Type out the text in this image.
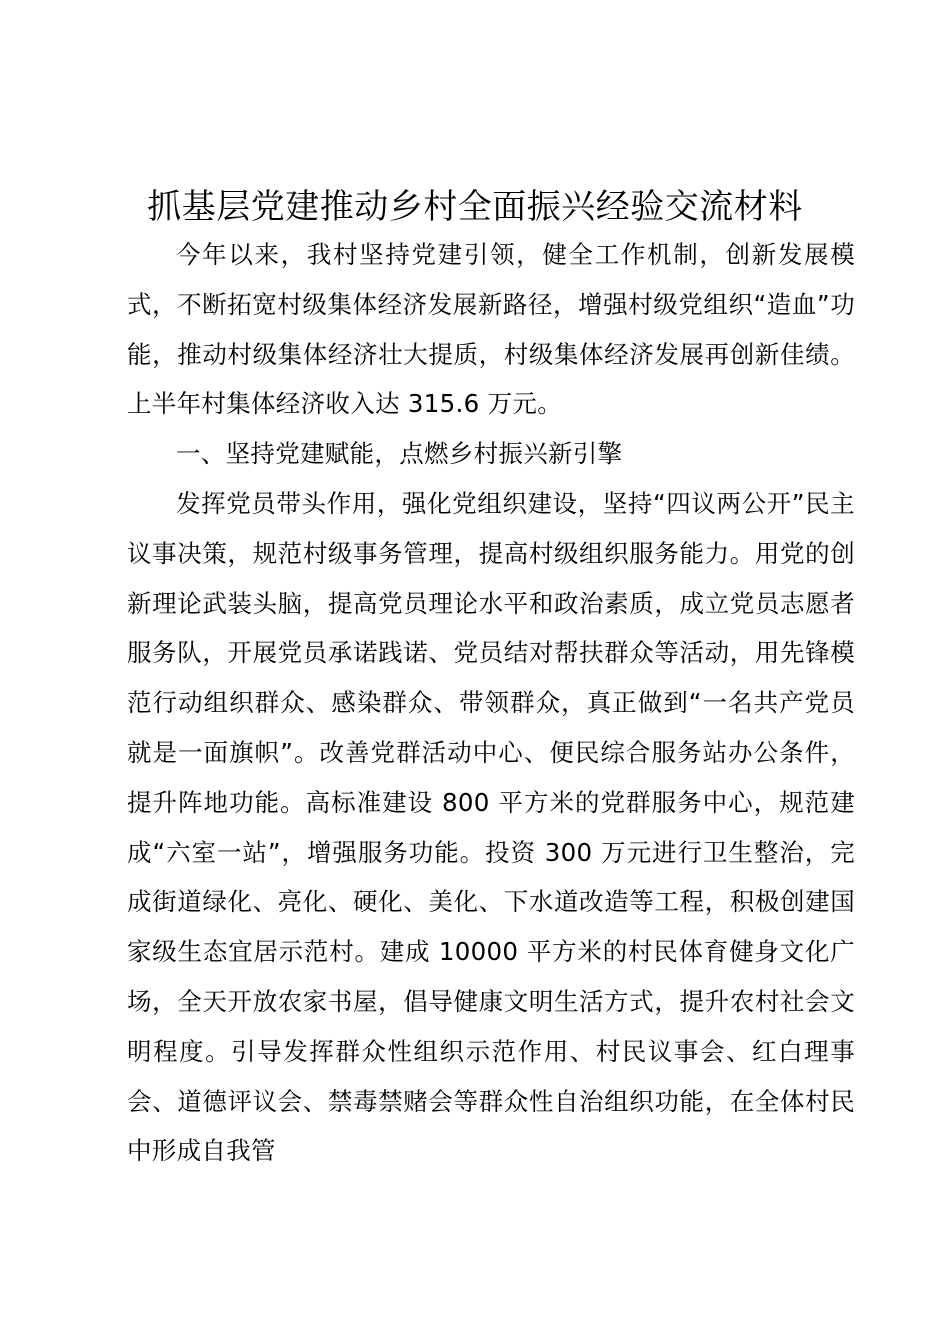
抓基层党建推动乡村全面振兴经验交流材料

今年以来，我村坚持党建引领，健全工作机制，创新发展模式，不断拓宽村级集体经济发展新路径，增强村级党组织“造血”功能，推动村级集体经济壮大提质，村级集体经济发展再创新佳绩。上半年村集体经济收入达 315.6 万元。

一、坚持党建赋能，点燃乡村振兴新引擎

发挥党员带头作用，强化党组织建设，坚持“四议两公开”民主议事决策，规范村级事务管理，提高村级组织服务能力。用党的创新理论武装头脑，提高党员理论水平和政治素质，成立党员志愿者服务队，开展党员承诺践诺、党员结对帮扶群众等活动，用先锋模范行动组织群众、感染群众、带领群众，真正做到“一名共产党员就是一面旗帜”。改善党群活动中心、便民综合服务站办公条件，提升阵地功能。高标准建设 800 平方米的党群服务中心，规范建成“六室一站”，增强服务功能。投资 300 万元进行卫生整治，完成街道绿化、亮化、硬化、美化、下水道改造等工程，积极创建国家级生态宜居示范村。建成 10000 平方米的村民体育健身文化广场，全天开放农家书屋，倡导健康文明生活方式，提升农村社会文明程度。引导发挥群众性组织示范作用、村民议事会、红白理事会、道德评议会、禁毒禁赌会等群众性自治组织功能，在全体村民中形成自我管
